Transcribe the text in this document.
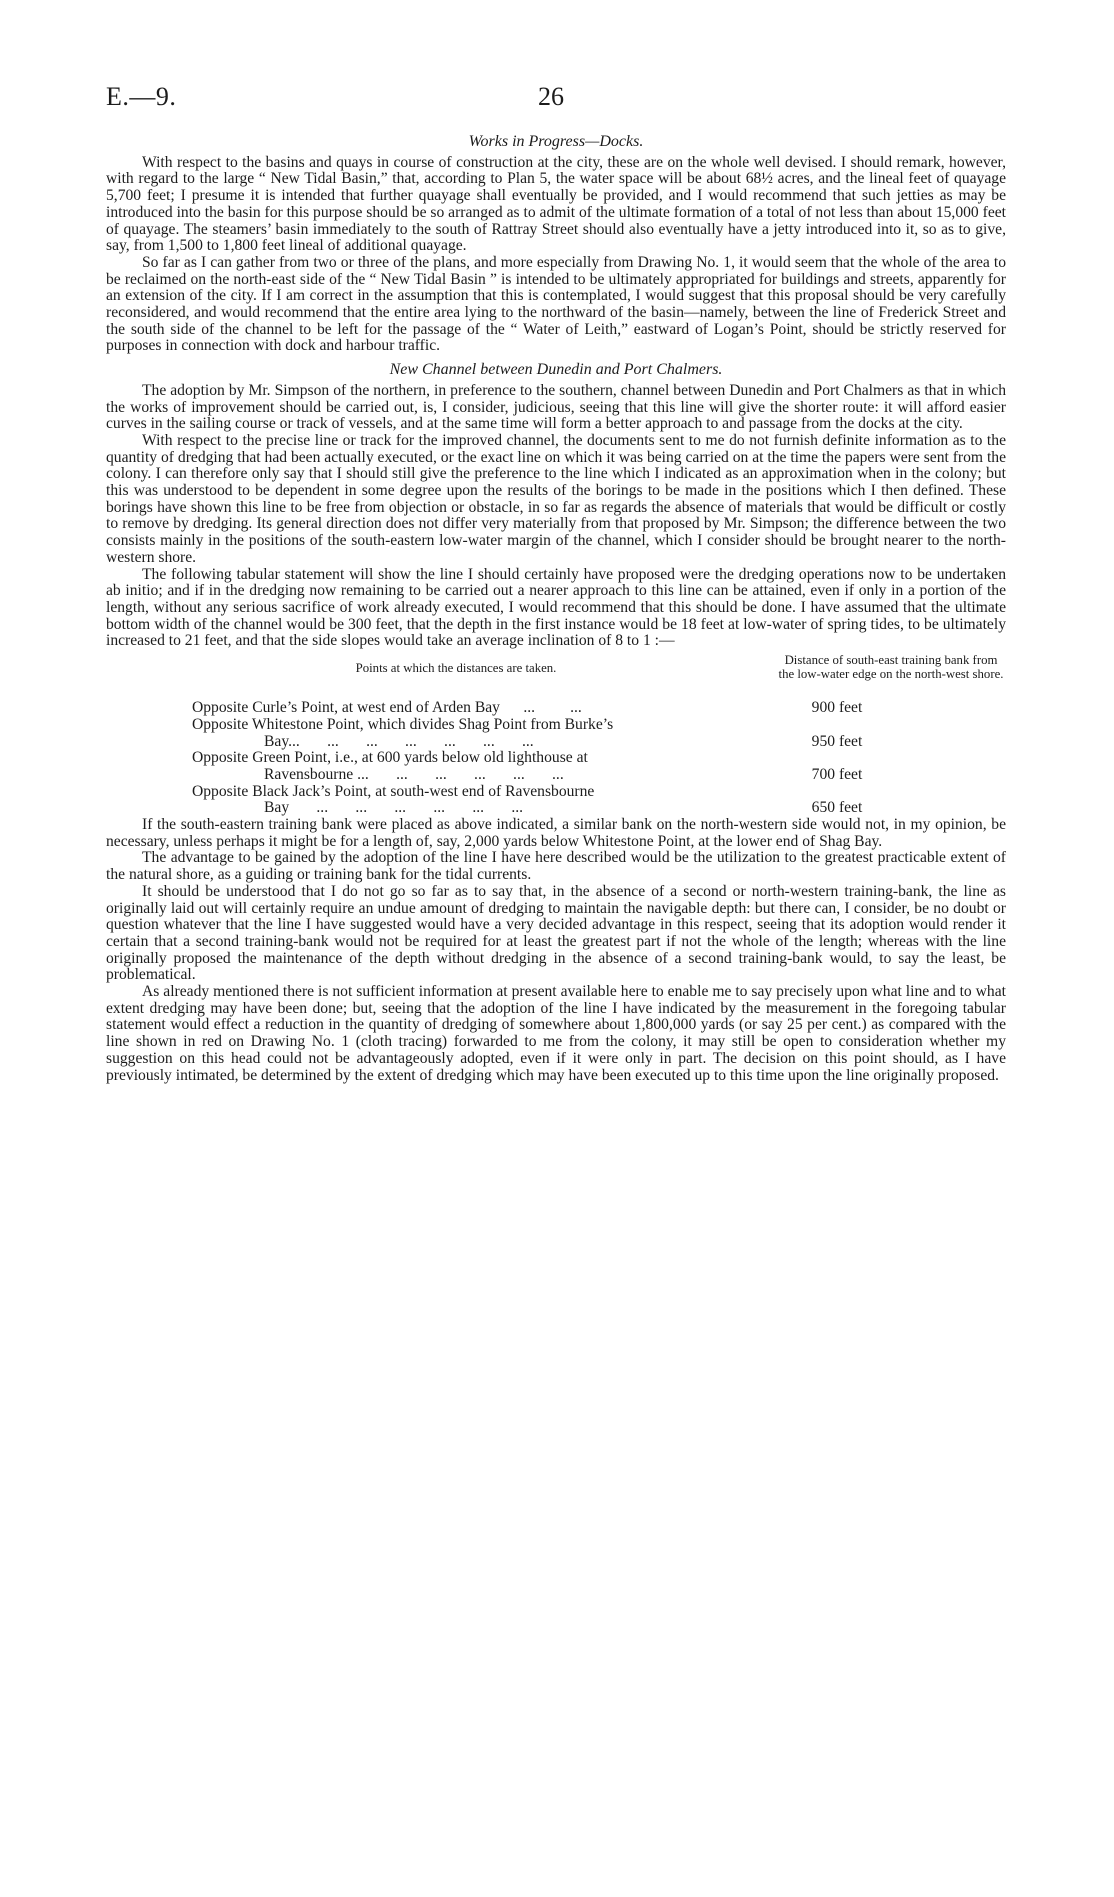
E.—9.	26
Works in Progress—Docks.

With respect to the basins and quays in course of construction at the city, these are on the whole well devised. I should remark, however, with regard to the large “ New Tidal Basin,” that, according to Plan 5, the water space will be about 68½ acres, and the lineal feet of quayage 5,700 feet; I presume it is intended that further quayage shall eventually be provided, and I would recommend that such jetties as may be introduced into the basin for this purpose should be so arranged as to admit of the ultimate formation of a total of not less than about 15,000 feet of quayage. The steamers’ basin immediately to the south of Rattray Street should also eventually have a jetty introduced into it, so as to give, say, from 1,500 to 1,800 feet lineal of additional quayage.

So far as I can gather from two or three of the plans, and more especially from Drawing No. 1, it would seem that the whole of the area to be reclaimed on the north-east side of the “ New Tidal Basin ” is intended to be ultimately appropriated for buildings and streets, apparently for an extension of the city. If I am correct in the assumption that this is contemplated, I would suggest that this proposal should be very carefully reconsidered, and would recommend that the entire area lying to the northward of the basin—namely, between the line of Frederick Street and the south side of the channel to be left for the passage of the “ Water of Leith,” eastward of Logan’s Point, should be strictly reserved for purposes in connection with dock and harbour traffic.

New Channel between Dunedin and Port Chalmers.

The adoption by Mr. Simpson of the northern, in preference to the southern, channel between Dunedin and Port Chalmers as that in which the works of improvement should be carried out, is, I consider, judicious, seeing that this line will give the shorter route: it will afford easier curves in the sailing course or track of vessels, and at the same time will form a better approach to and passage from the docks at the city.

With respect to the precise line or track for the improved channel, the documents sent to me do not furnish definite information as to the quantity of dredging that had been actually executed, or the exact line on which it was being carried on at the time the papers were sent from the colony. I can therefore only say that I should still give the preference to the line which I indicated as an approximation when in the colony; but this was understood to be dependent in some degree upon the results of the borings to be made in the positions which I then defined. These borings have shown this line to be free from objection or obstacle, in so far as regards the absence of materials that would be difficult or costly to remove by dredging. Its general direction does not differ very materially from that proposed by Mr. Simpson; the difference between the two consists mainly in the positions of the south-eastern low-water margin of the channel, which I consider should be brought nearer to the north-western shore.

The following tabular statement will show the line I should certainly have proposed were the dredging operations now to be undertaken ab initio; and if in the dredging now remaining to be carried out a nearer approach to this line can be attained, even if only in a portion of the length, without any serious sacrifice of work already executed, I would recommend that this should be done. I have assumed that the ultimate bottom width of the channel would be 300 feet, that the depth in the first instance would be 18 feet at low-water of spring tides, to be ultimately increased to 21 feet, and that the side slopes would take an average inclination of 8 to 1 :—

Points at which the distances are taken.
Distance of south-east training bank from the low-water edge on the north-west shore.
Opposite Curle’s Point, at west end of Arden Bay      ...         ...	900 feet
Opposite Whitestone Point, which divides Shag Point from Burke’s
Bay...       ...       ...       ...       ...       ...       ...	950 feet
Opposite Green Point, i.e., at 600 yards below old lighthouse at
Ravensbourne ...       ...       ...       ...       ...       ...	700 feet
Opposite Black Jack’s Point, at south-west end of Ravensbourne
Bay       ...       ...       ...       ...       ...       ...	650 feet

If the south-eastern training bank were placed as above indicated, a similar bank on the north-western side would not, in my opinion, be necessary, unless perhaps it might be for a length of, say, 2,000 yards below Whitestone Point, at the lower end of Shag Bay.

The advantage to be gained by the adoption of the line I have here described would be the utilization to the greatest practicable extent of the natural shore, as a guiding or training bank for the tidal currents.

It should be understood that I do not go so far as to say that, in the absence of a second or north-western training-bank, the line as originally laid out will certainly require an undue amount of dredging to maintain the navigable depth: but there can, I consider, be no doubt or question whatever that the line I have suggested would have a very decided advantage in this respect, seeing that its adoption would render it certain that a second training-bank would not be required for at least the greatest part if not the whole of the length; whereas with the line originally proposed the maintenance of the depth without dredging in the absence of a second training-bank would, to say the least, be problematical.

As already mentioned there is not sufficient information at present available here to enable me to say precisely upon what line and to what extent dredging may have been done; but, seeing that the adoption of the line I have indicated by the measurement in the foregoing tabular statement would effect a reduction in the quantity of dredging of somewhere about 1,800,000 yards (or say 25 per cent.) as compared with the line shown in red on Drawing No. 1 (cloth tracing) forwarded to me from the colony, it may still be open to consideration whether my suggestion on this head could not be advantageously adopted, even if it were only in part. The decision on this point should, as I have previously intimated, be determined by the extent of dredging which may have been executed up to this time upon the line originally proposed.
